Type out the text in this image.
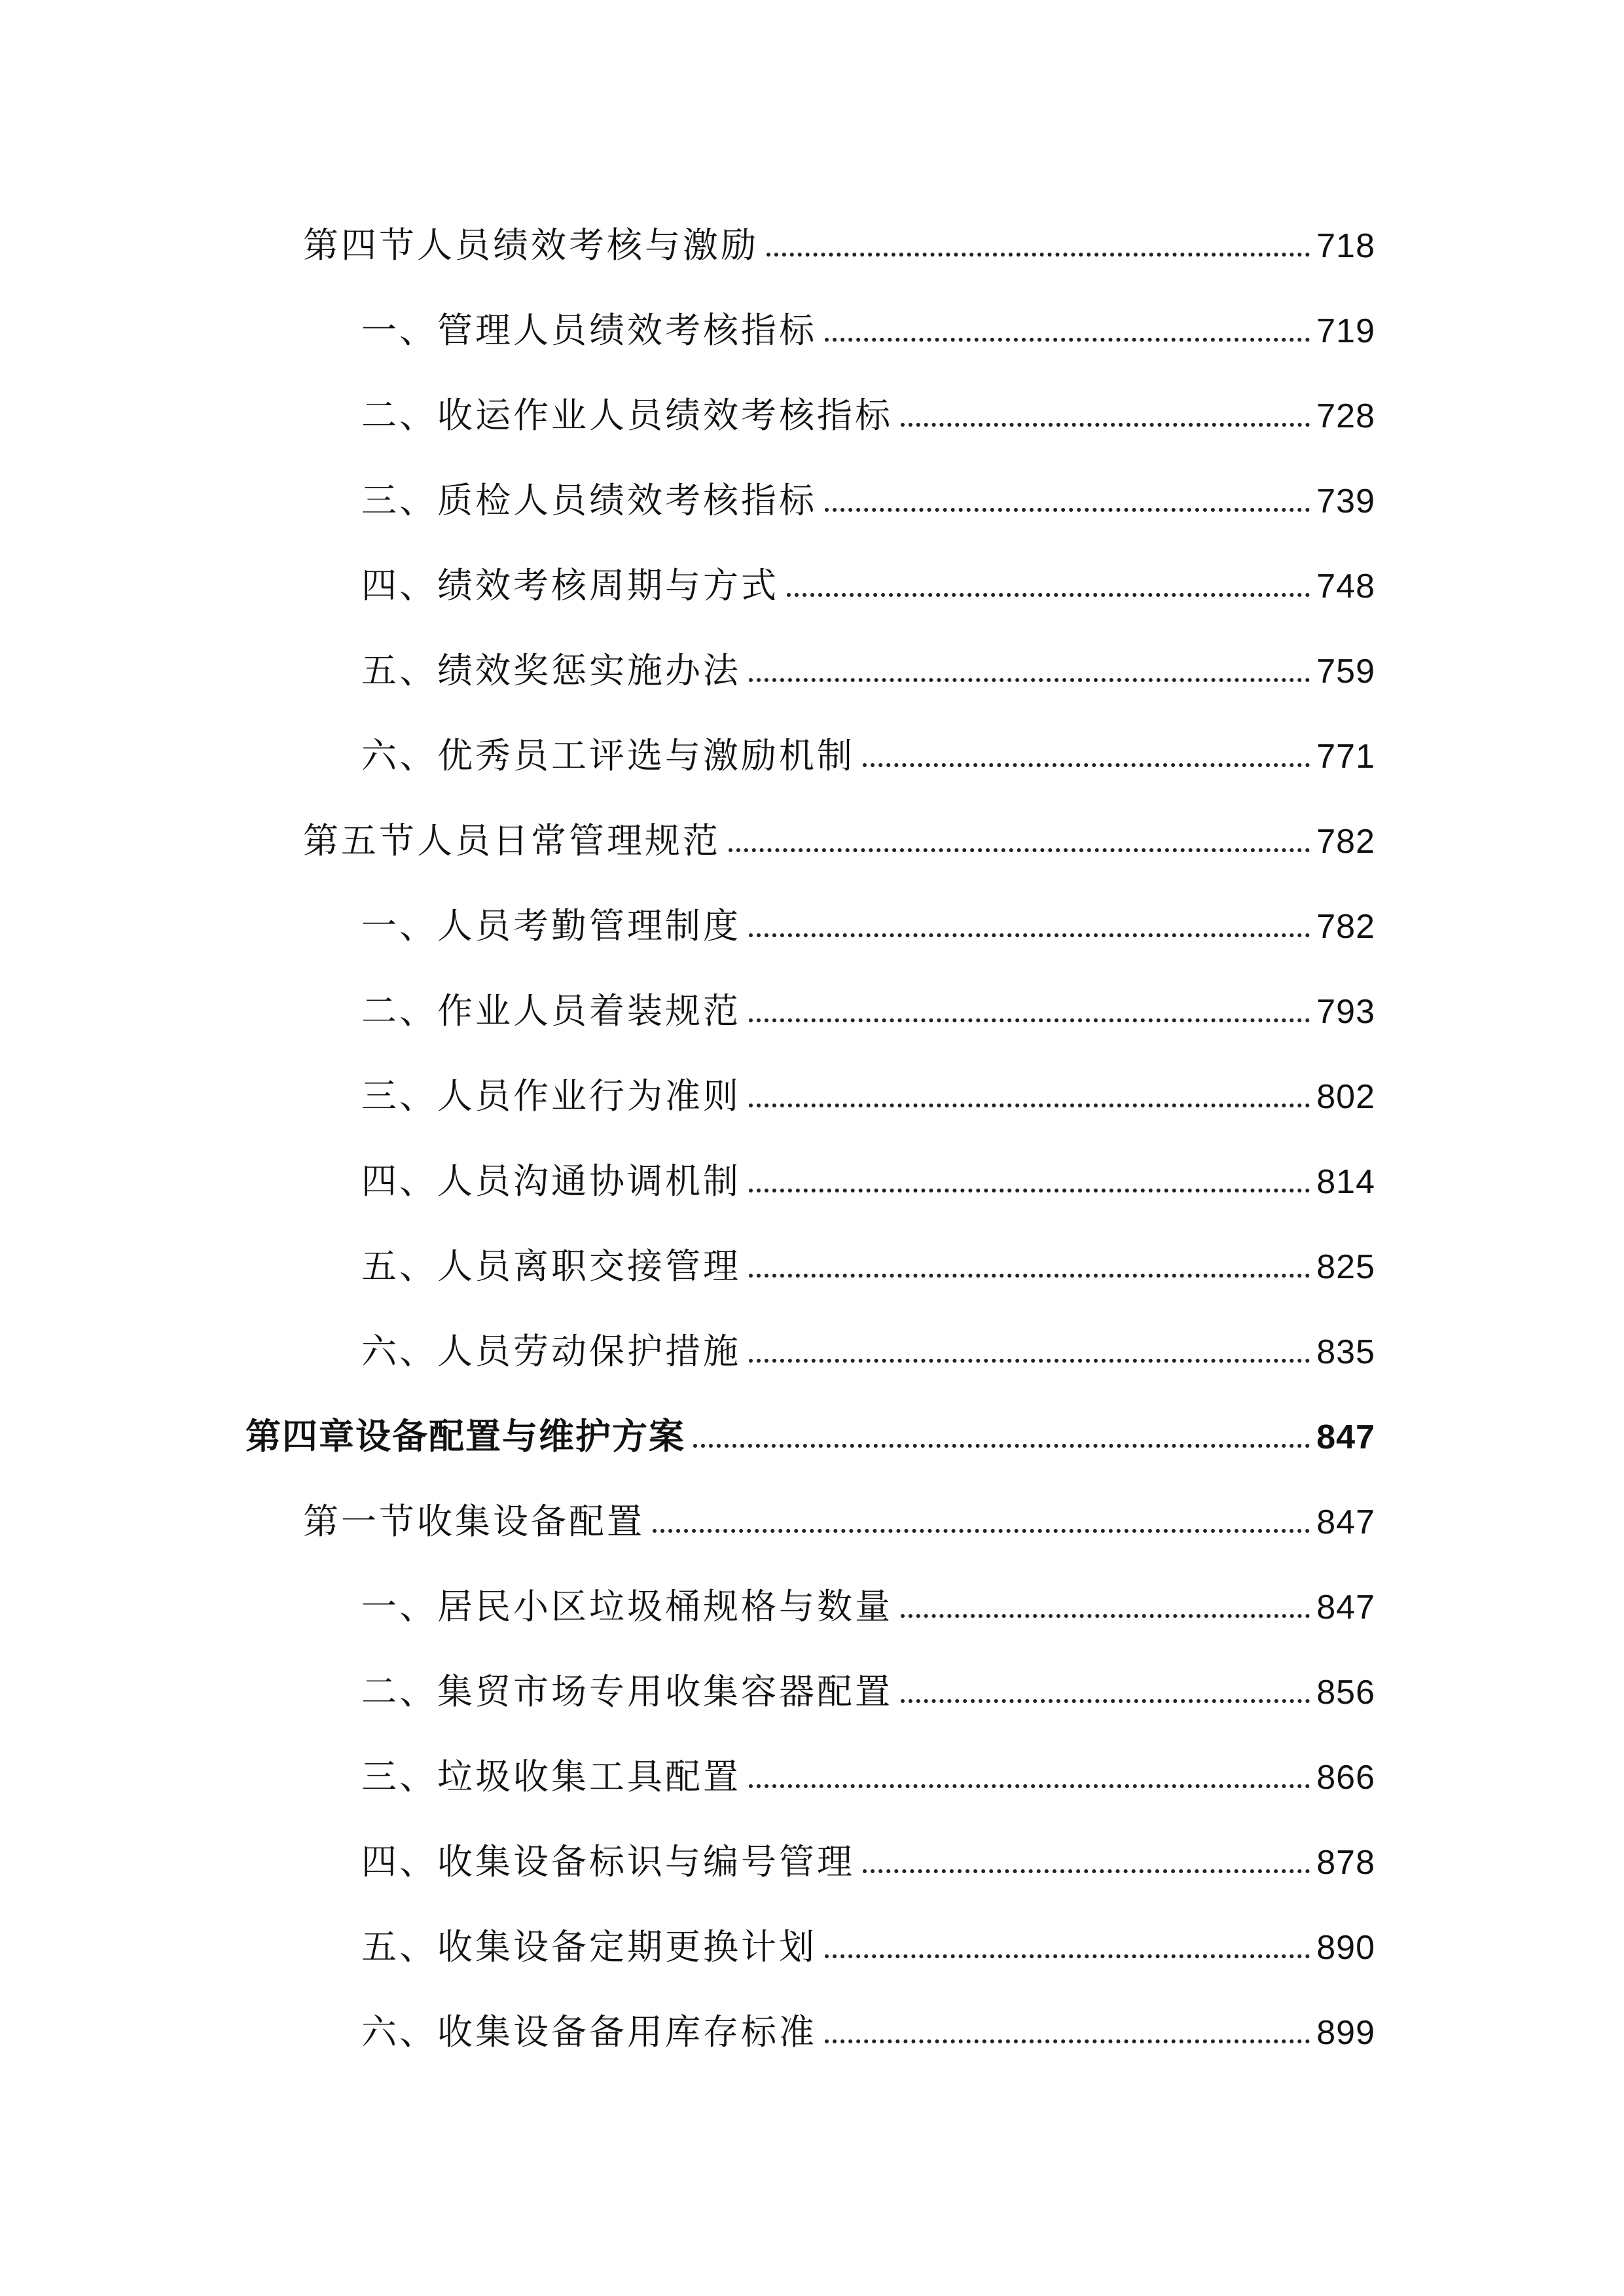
第四节人员绩效考核与激励	718
一、管理人员绩效考核指标	719
二、收运作业人员绩效考核指标	728
三、质检人员绩效考核指标	739
四、绩效考核周期与方式	748
五、绩效奖惩实施办法	759
六、优秀员工评选与激励机制	771
第五节人员日常管理规范	782
一、人员考勤管理制度	782
二、作业人员着装规范	793
三、人员作业行为准则	802
四、人员沟通协调机制	814
五、人员离职交接管理	825
六、人员劳动保护措施	835
第四章设备配置与维护方案	847
第一节收集设备配置	847
一、居民小区垃圾桶规格与数量	847
二、集贸市场专用收集容器配置	856
三、垃圾收集工具配置	866
四、收集设备标识与编号管理	878
五、收集设备定期更换计划	890
六、收集设备备用库存标准	899
